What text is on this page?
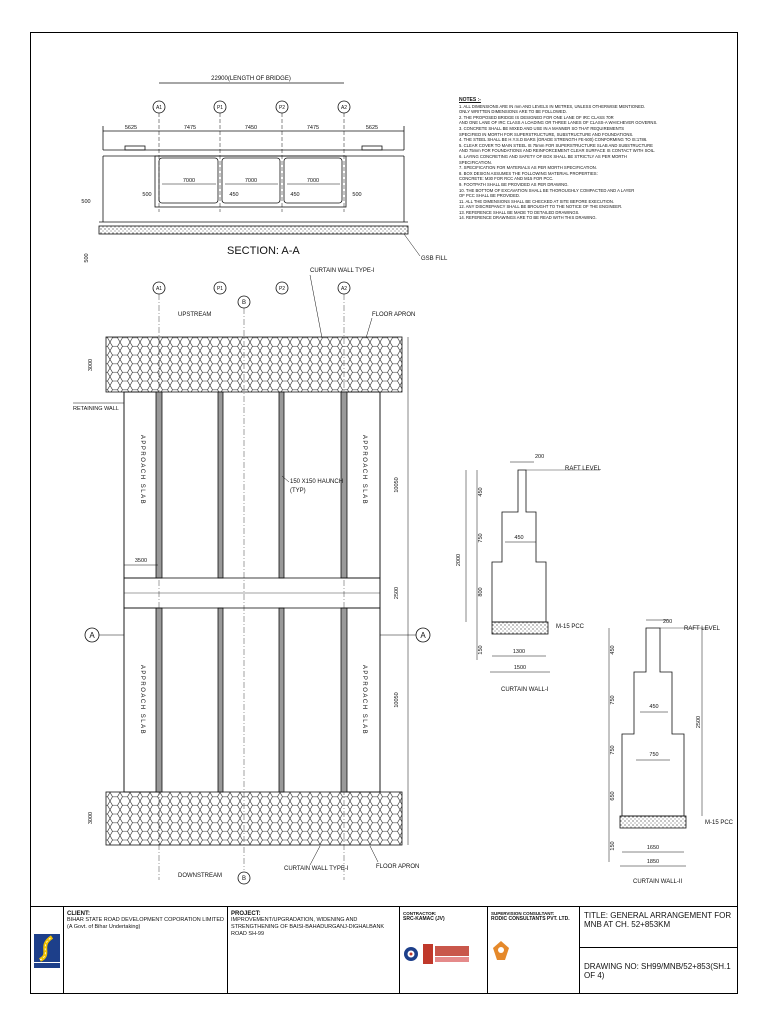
22900(LENGTH OF BRIDGE)
A1	P1	P2	A2
5625	7475	7450	7475	5625
7000	7000	7000
500	450	450	500
500
500	GSB FILL
SECTION: A-A
A1	P1
B
P2	A2
UPSTREAM
CURTAIN WALL TYPE-I
FLOOR APRON
RETAINING WALL
APPROACH SLAB	APPROACH SLAB
APPROACH SLAB	APPROACH SLAB
150 X150 HAUNCH
(TYP)
3500
3000
10050
2500
10050
3000
A	A
DOWNSTREAM	B
CURTAIN WALL TYPE-I	FLOOR APRON
200
RAFT LEVEL
450
M-15 PCC
1300
1500
CURTAIN WALL-I
450
750
800
150
2000
200
RAFT LEVEL
450
750
M-15 PCC
1650
1850
CURTAIN WALL-II
450
750
750
650
150
2500
NOTES :-
1. ALL DIMENSIONS ARE IN mm AND LEVELS IN METRES, UNLESS OTHERWISE MENTIONED.
ONLY WRITTEN DIMENSIONS ARE TO BE FOLLOWED.
2. THE PROPOSED BRIDGE IS DESIGNED FOR ONE LANE OF IRC CLASS 70R
AND ONE LANE OF IRC CLASS A LOADING OR THREE LANES OF CLASS-A WHICHEVER GOVERNS.
3. CONCRETE SHALL BE MIXED AND USE IN A MANNER SO THAT REQUIREMENTS
SPECIFIED IN MORTH FOR SUPERSTRUCTURE, SUBSTRUCTURE AND FOUNDATIONS.
4. THE STEEL SHALL BE H.Y.S.D BARS (GRADE STRENGTH FE-500) CONFORMING TO IS:1786.
5. CLEAR COVER TO MAIN STEEL IS 75mm FOR SUPERSTRUCTURE SLAB AND SUBSTRUCTURE
AND 75mm FOR FOUNDATIONS AND REINFORCEMENT CLEAR SURFACE IS CONTACT WITH SOIL.
6. LAYING CONCRETING AND SAFETY OF BOX SHALL BE STRICTLY AS PER MORTH
SPECIFICATION.
7. SPECIFICATION FOR MATERIALS AS PER MORTH SPECIFICATION.
8. BOX DESIGN ASSUMES THE FOLLOWING MATERIAL PROPERTIES:
CONCRETE: M30 FOR RCC AND M15 FOR PCC.
9. FOOTPATH SHALL BE PROVIDED AS PER DRAWING.
10. THE BOTTOM OF EXCAVATION SHALL BE THOROUGHLY COMPACTED AND A LAYER
OF PCC SHALL BE PROVIDED.
11. ALL THE DIMENSIONS SHALL BE CHECKED AT SITE BEFORE EXECUTION.
12. ANY DISCREPANCY SHALL BE BROUGHT TO THE NOTICE OF THE ENGINEER.
13. REFERENCE SHALL BE MADE TO DETAILED DRAWINGS.
14. REFERENCE DRAWINGS ARE TO BE READ WITH THIS DRAWING.
CLIENT:
BIHAR STATE ROAD DEVELOPMENT COPORATION LIMITED
(A Govt. of Bihar Undertaking)
PROJECT:
IMPROVEMENT/UPGRADATION, WIDENING AND STRENGTHENING OF BAISI-BAHADURGANJ-DIGHALBANK ROAD SH-99
CONTRACTOR:
SRC-KAMAC (JV)
SUPERVISION CONSULTANT:
RODIC CONSULTANTS PVT. LTD.	TITLE: GENERAL ARRANGEMENT FOR MNB AT CH. 52+853KM
DRAWING NO: SH99/MNB/52+853(SH.1 OF 4)
